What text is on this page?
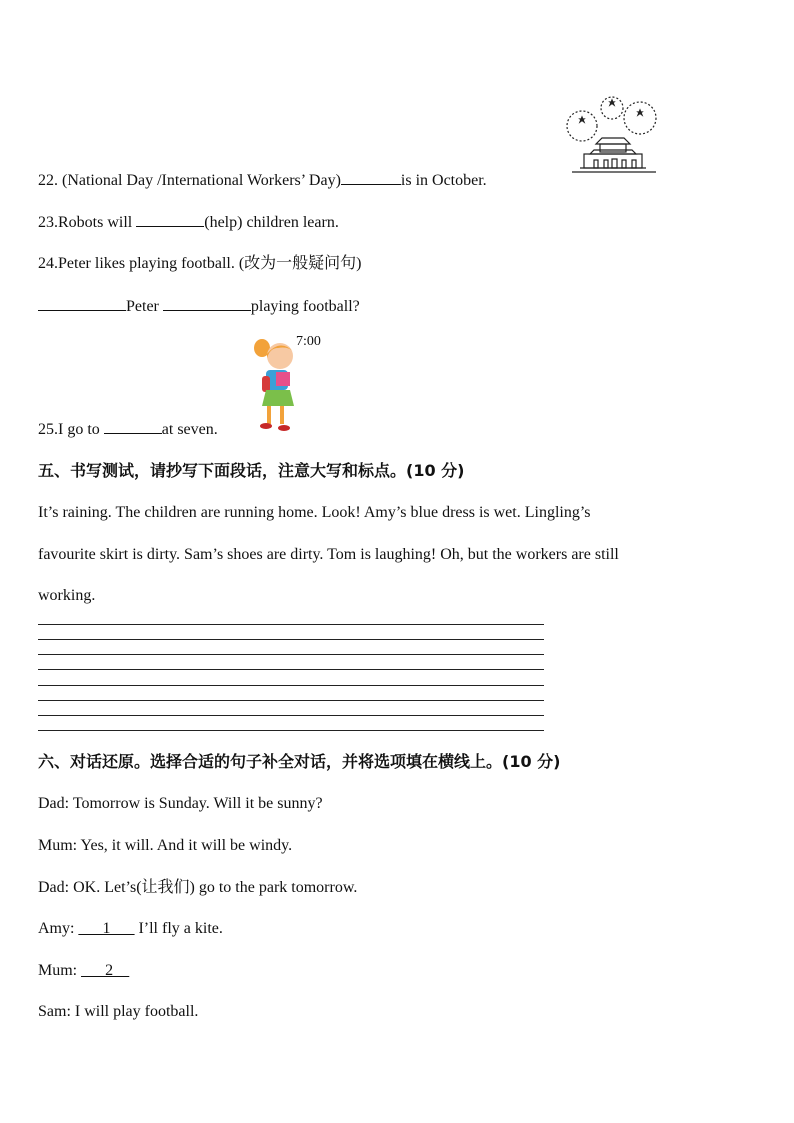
22. (National Day /International Workers’ Day)	is in October.
23.Robots will	(help) children learn.
24.Peter likes playing football. (改为一般疑问句)
Peter	playing football?
7:00
25.I go to	at seven.
五、书写测试，请抄写下面段话，注意大写和标点。(10 分)
It’s raining. The children are running home. Look! Amy’s blue dress is wet. Lingling’s
favourite skirt is dirty. Sam’s shoes are dirty. Tom is laughing! Oh, but the workers are still
working.
六、对话还原。选择合适的句子补全对话，并将选项填在横线上。(10 分)
Dad: Tomorrow is Sunday. Will it be sunny?
Mum: Yes, it will. And it will be windy.
Dad: OK. Let’s(让我们) go to the park tomorrow.
Amy: ___1___ I’ll fly a kite.
Mum: ___2__
Sam: I will play football.
